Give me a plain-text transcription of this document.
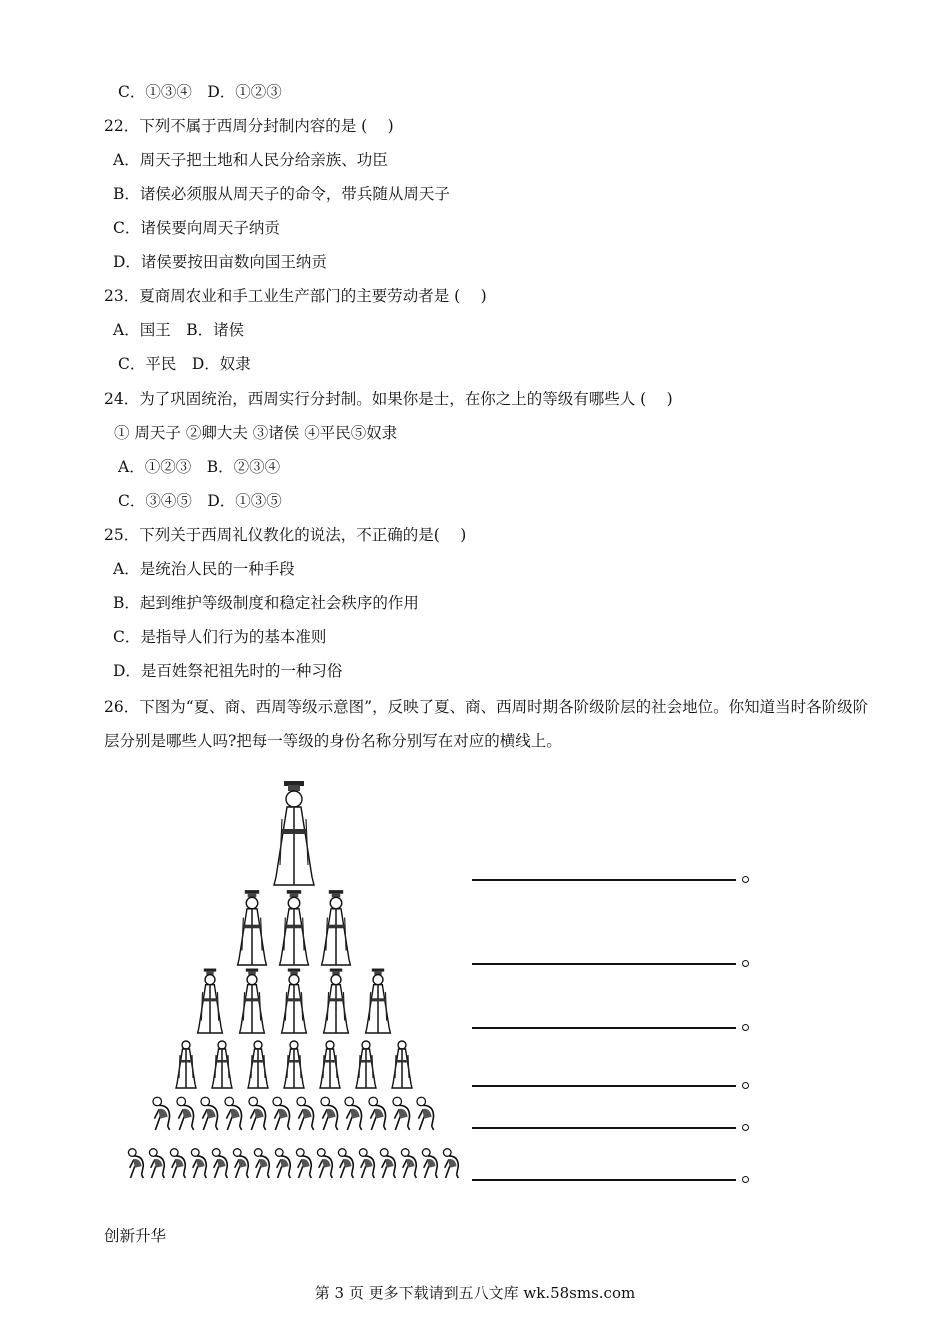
C．①③④　D．①②③
22．下列不属于西周分封制内容的是 (　 )
A．周天子把土地和人民分给亲族、功臣
B．诸侯必须服从周天子的命令，带兵随从周天子
C．诸侯要向周天子纳贡
D．诸侯要按田亩数向国王纳贡
23．夏商周农业和手工业生产部门的主要劳动者是 (　 )
A．国王　B．诸侯
C．平民　D．奴隶
24．为了巩固统治，西周实行分封制。如果你是士，在你之上的等级有哪些人 (　 )
① 周天子 ②卿大夫 ③诸侯 ④平民⑤奴隶
A．①②③　B．②③④
C．③④⑤　D．①③⑤
25．下列关于西周礼仪教化的说法，不正确的是(　 )
A．是统治人民的一种手段
B．起到维护等级制度和稳定社会秩序的作用
C．是指导人们行为的基本准则
D．是百姓祭祀祖先时的一种习俗
26．下图为“夏、商、西周等级示意图”，反映了夏、商、西周时期各阶级阶层的社会地位。你知道当时各阶级阶层分别是哪些人吗?把每一等级的身份名称分别写在对应的横线上。
创新升华
第 3 页 更多下载请到五八文库 wk.58sms.com
